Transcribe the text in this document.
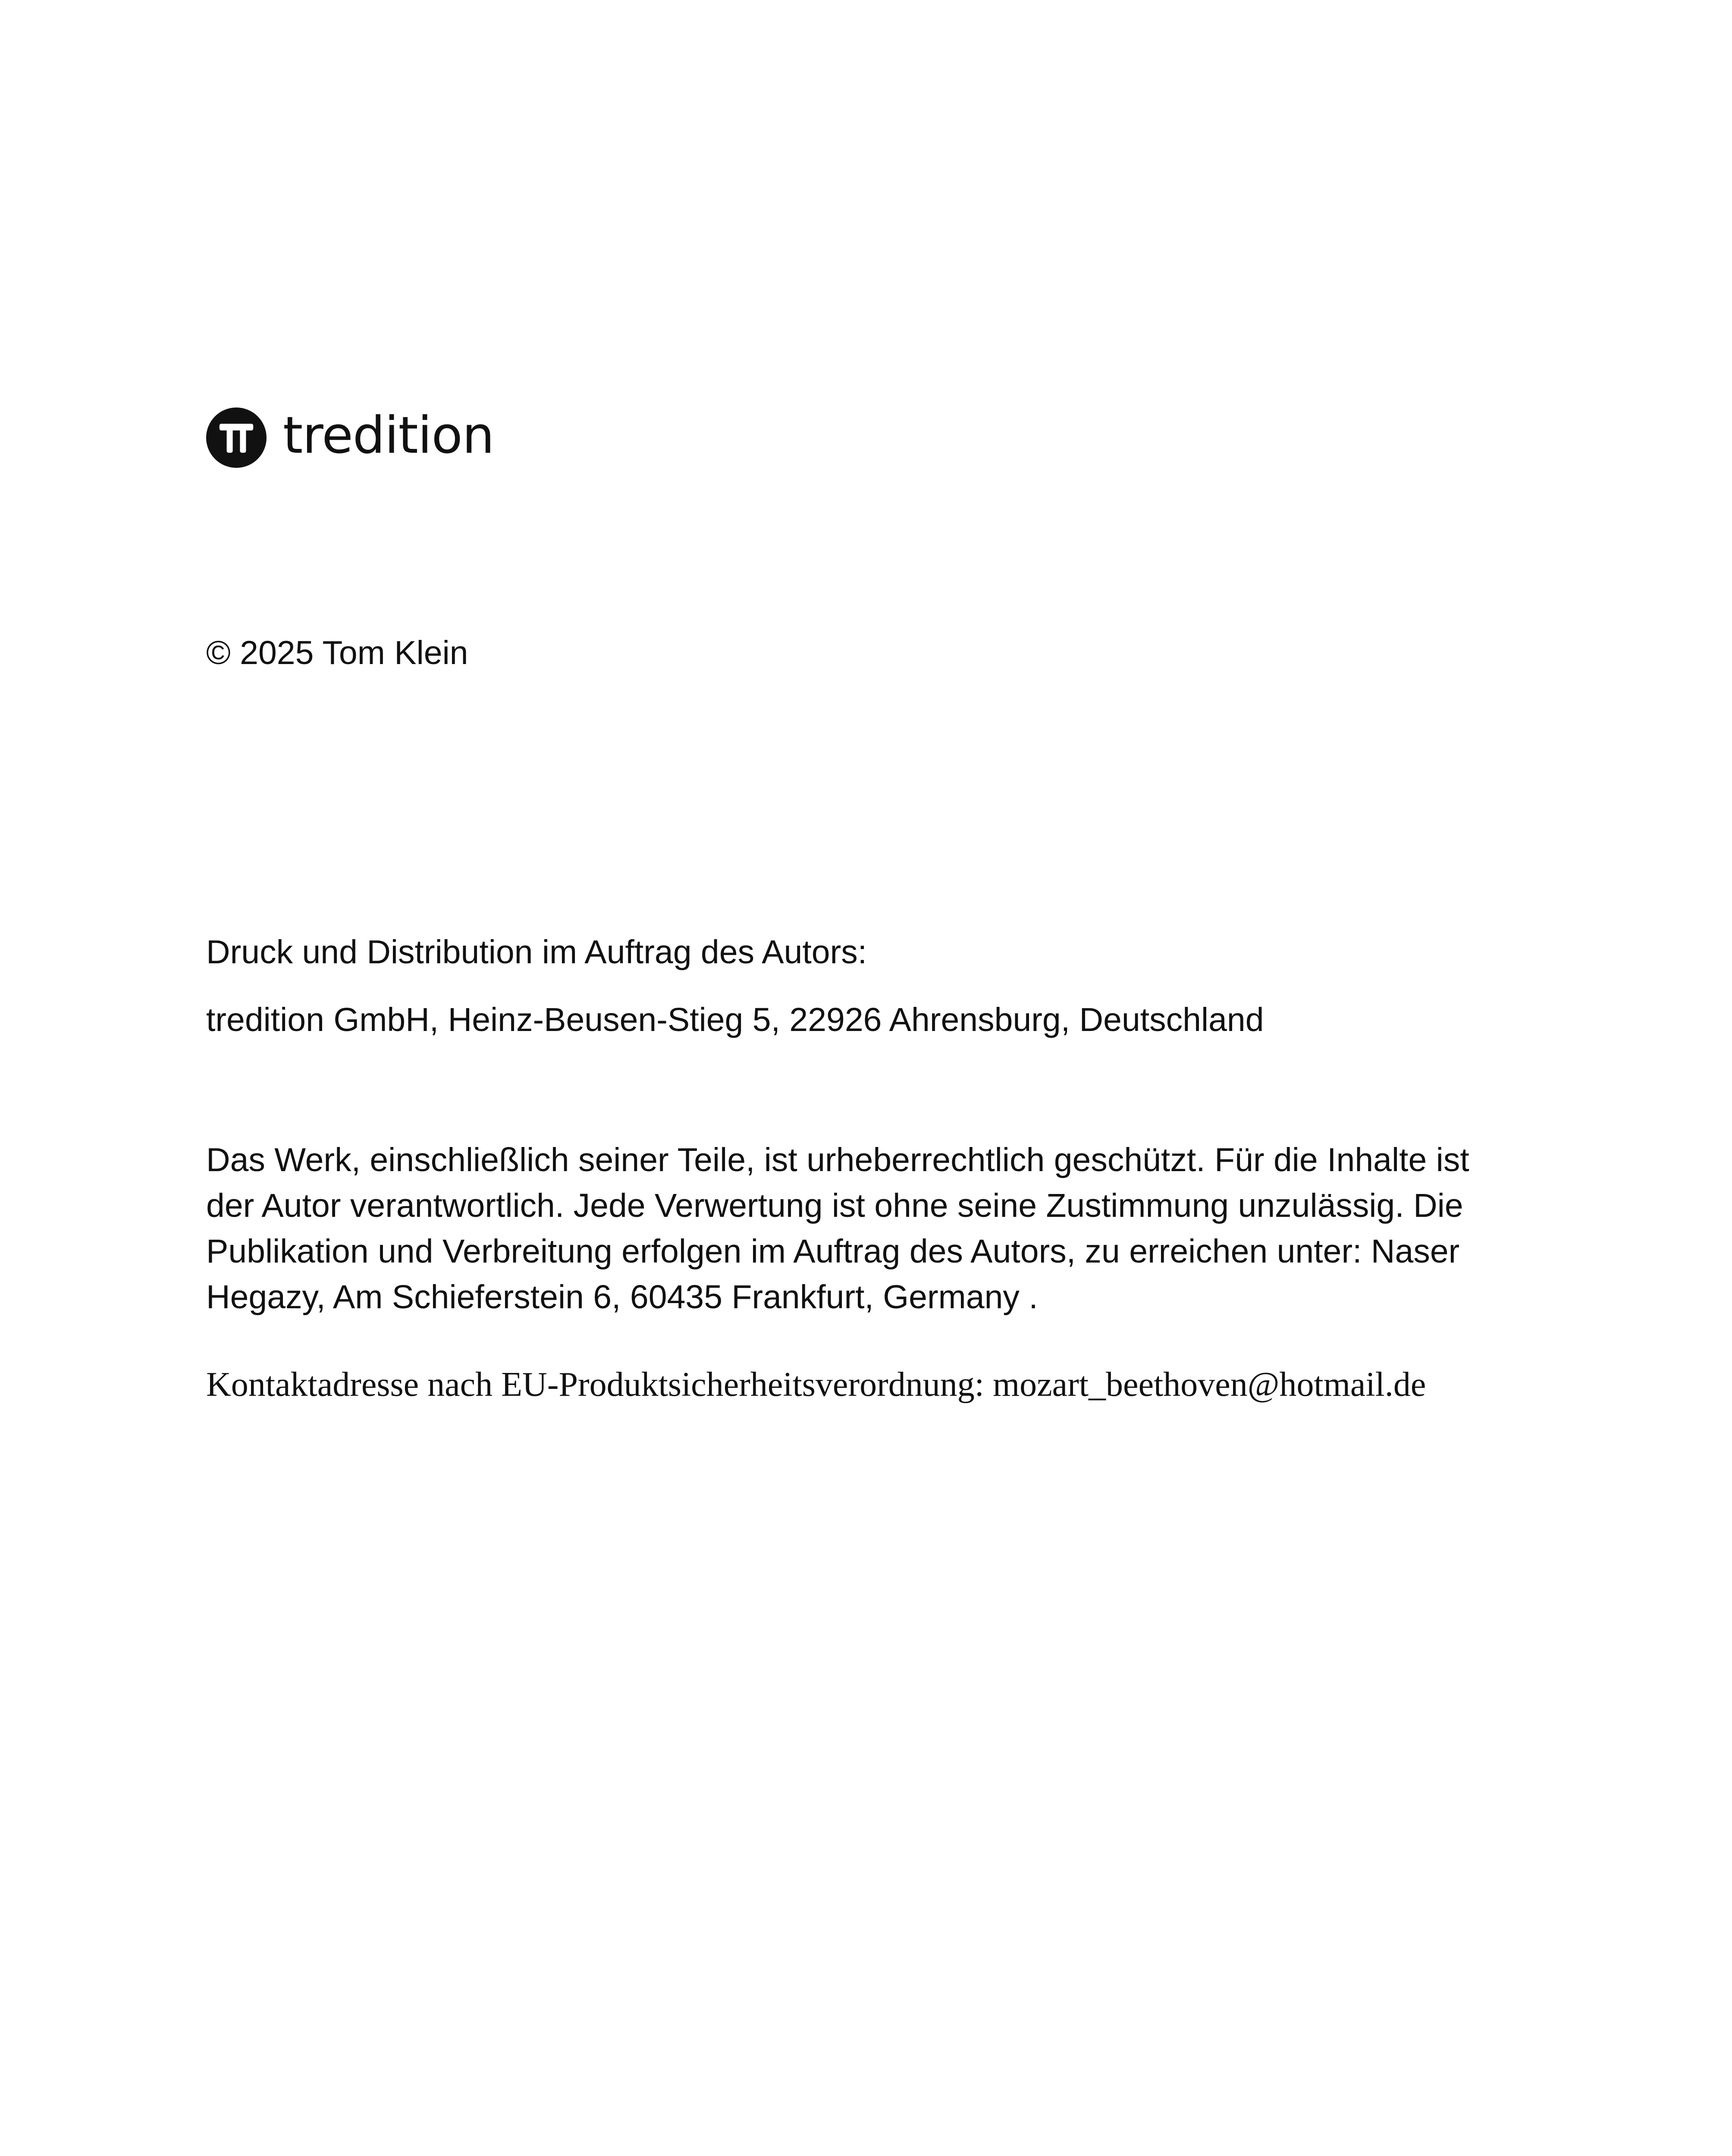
tredition
© 2025 Tom Klein
Druck und Distribution im Auftrag des Autors:
tredition GmbH, Heinz-Beusen-Stieg 5, 22926 Ahrensburg, Deutschland
Das Werk, einschließlich seiner Teile, ist urheberrechtlich geschützt. Für die Inhalte ist
der Autor verantwortlich. Jede Verwertung ist ohne seine Zustimmung unzulässig. Die
Publikation und Verbreitung erfolgen im Auftrag des Autors, zu erreichen unter: Naser
Hegazy, Am Schieferstein 6, 60435 Frankfurt, Germany .
Kontaktadresse nach EU-Produktsicherheitsverordnung: mozart_beethoven@hotmail.de
